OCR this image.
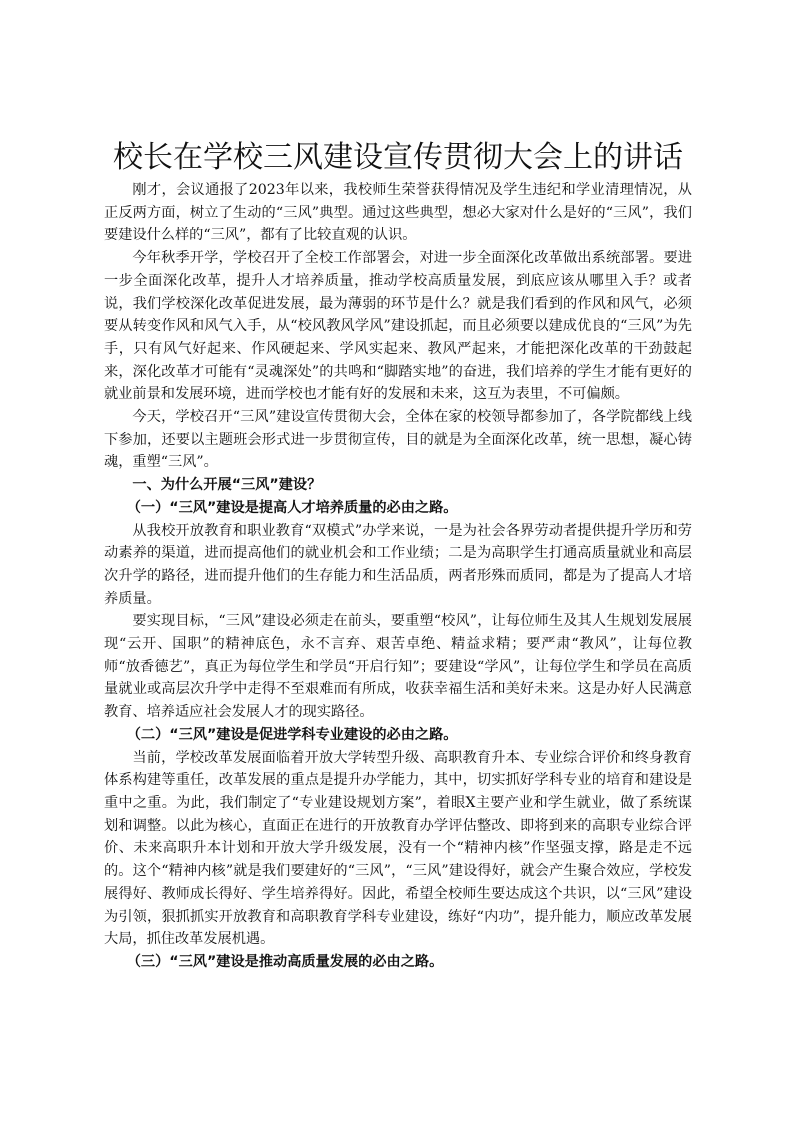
校长在学校三风建设宣传贯彻大会上的讲话

刚才，会议通报了2023年以来，我校师生荣誉获得情况及学生违纪和学业清理情况，从正反两方面，树立了生动的“三风”典型。通过这些典型，想必大家对什么是好的“三风”，我们要建设什么样的“三风”，都有了比较直观的认识。

今年秋季开学，学校召开了全校工作部署会，对进一步全面深化改革做出系统部署。要进一步全面深化改革，提升人才培养质量，推动学校高质量发展，到底应该从哪里入手？或者说，我们学校深化改革促进发展，最为薄弱的环节是什么？就是我们看到的作风和风气，必须要从转变作风和风气入手，从“校风教风学风”建设抓起，而且必须要以建成优良的“三风”为先手，只有风气好起来、作风硬起来、学风实起来、教风严起来，才能把深化改革的干劲鼓起来，深化改革才可能有“灵魂深处”的共鸣和“脚踏实地”的奋进，我们培养的学生才能有更好的就业前景和发展环境，进而学校也才能有好的发展和未来，这互为表里，不可偏颇。

今天，学校召开“三风”建设宣传贯彻大会，全体在家的校领导都参加了，各学院都线上线下参加，还要以主题班会形式进一步贯彻宣传，目的就是为全面深化改革，统一思想，凝心铸魂，重塑“三风”。

一、为什么开展“三风”建设？

（一）“三风”建设是提高人才培养质量的必由之路。

从我校开放教育和职业教育“双模式”办学来说，一是为社会各界劳动者提供提升学历和劳动素养的渠道，进而提高他们的就业机会和工作业绩；二是为高职学生打通高质量就业和高层次升学的路径，进而提升他们的生存能力和生活品质，两者形殊而质同，都是为了提高人才培养质量。

要实现目标，“三风”建设必须走在前头，要重塑“校风”，让每位师生及其人生规划发展展现“云开、国职”的精神底色，永不言弃、艰苦卓绝、精益求精；要严肃“教风”，让每位教师“放香德艺”，真正为每位学生和学员“开启行知”；要建设“学风”，让每位学生和学员在高质量就业或高层次升学中走得不至艰难而有所成，收获幸福生活和美好未来。这是办好人民满意教育、培养适应社会发展人才的现实路径。

（二）“三风”建设是促进学科专业建设的必由之路。

当前，学校改革发展面临着开放大学转型升级、高职教育升本、专业综合评价和终身教育体系构建等重任，改革发展的重点是提升办学能力，其中，切实抓好学科专业的培育和建设是重中之重。为此，我们制定了“专业建设规划方案”，着眼X主要产业和学生就业，做了系统谋划和调整。以此为核心，直面正在进行的开放教育办学评估整改、即将到来的高职专业综合评价、未来高职升本计划和开放大学升级发展，没有一个“精神内核”作坚强支撑，路是走不远的。这个“精神内核”就是我们要建好的“三风”，“三风”建设得好，就会产生聚合效应，学校发展得好、教师成长得好、学生培养得好。因此，希望全校师生要达成这个共识，以“三风”建设为引领，狠抓抓实开放教育和高职教育学科专业建设，练好“内功”，提升能力，顺应改革发展大局，抓住改革发展机遇。

（三）“三风”建设是推动高质量发展的必由之路。
